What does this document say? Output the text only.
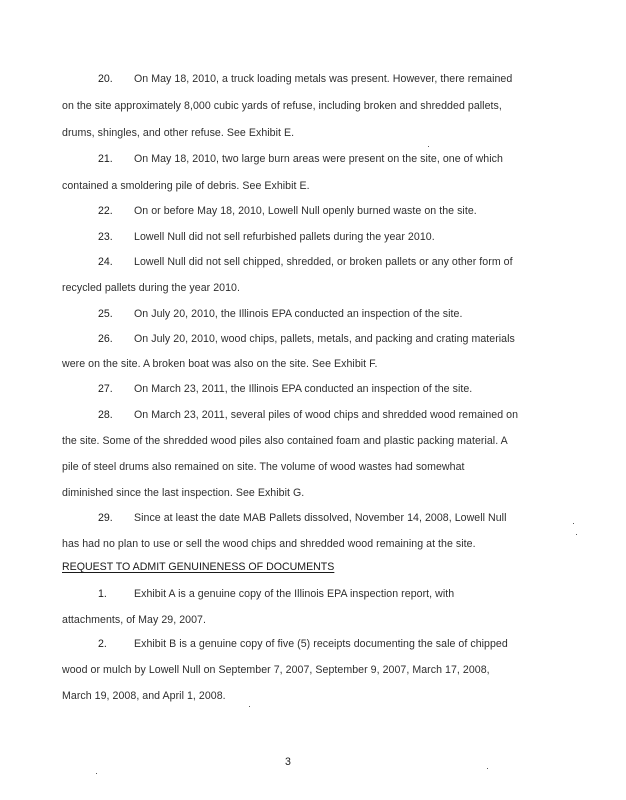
20. On May 18, 2010, a truck loading metals was present. However, there remained
on the site approximately 8,000 cubic yards of refuse, including broken and shredded pallets,
drums, shingles, and other refuse. See Exhibit E.
21. On May 18, 2010, two large burn areas were present on the site, one of which
contained a smoldering pile of debris. See Exhibit E.
22. On or before May 18, 2010, Lowell Null openly burned waste on the site.
23. Lowell Null did not sell refurbished pallets during the year 2010.
24. Lowell Null did not sell chipped, shredded, or broken pallets or any other form of
recycled pallets during the year 2010.
25. On July 20, 2010, the Illinois EPA conducted an inspection of the site.
26. On July 20, 2010, wood chips, pallets, metals, and packing and crating materials
were on the site. A broken boat was also on the site. See Exhibit F.
27. On March 23, 2011, the Illinois EPA conducted an inspection of the site.
28. On March 23, 2011, several piles of wood chips and shredded wood remained on
the site. Some of the shredded wood piles also contained foam and plastic packing material. A
pile of steel drums also remained on site. The volume of wood wastes had somewhat
diminished since the last inspection. See Exhibit G.
29. Since at least the date MAB Pallets dissolved, November 14, 2008, Lowell Null
has had no plan to use or sell the wood chips and shredded wood remaining at the site.
REQUEST TO ADMIT GENUINENESS OF DOCUMENTS
1.	Exhibit A is a genuine copy of the Illinois EPA inspection report, with
attachments, of May 29, 2007.
2.	Exhibit B is a genuine copy of five (5) receipts documenting the sale of chipped
wood or mulch by Lowell Null on September 7, 2007, September 9, 2007, March 17, 2008,
March 19, 2008, and April 1, 2008.
3
